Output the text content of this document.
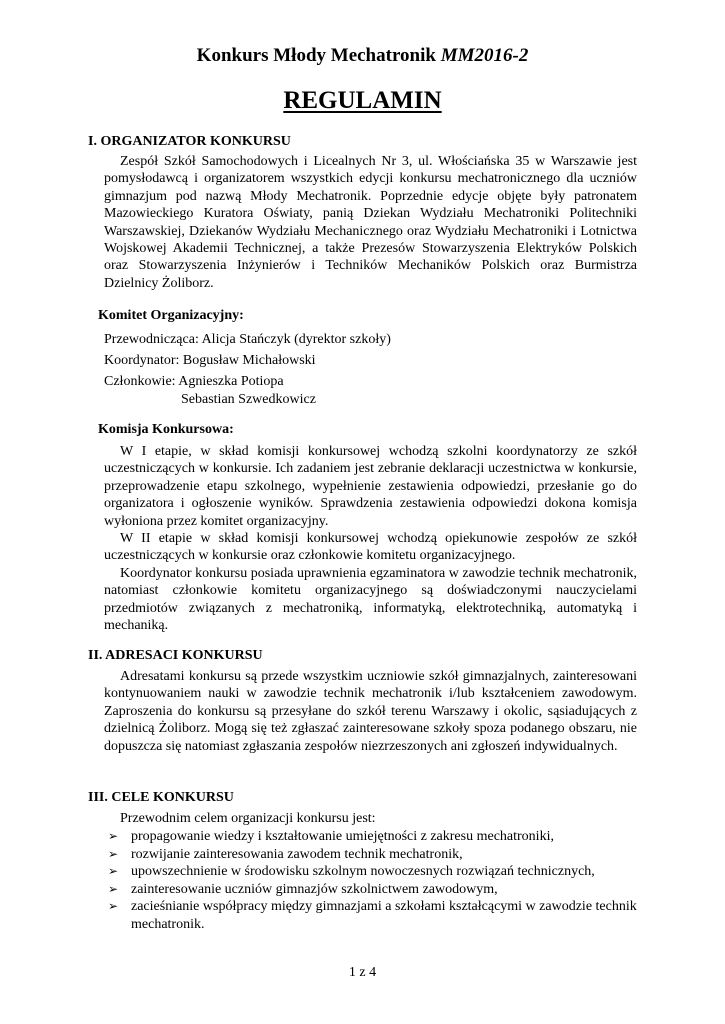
Konkurs Młody Mechatronik MM2016-2
REGULAMIN
I. ORGANIZATOR KONKURSU
Zespół Szkół Samochodowych i Licealnych Nr 3, ul. Włościańska 35 w Warszawie jest pomysłodawcą i organizatorem wszystkich edycji konkursu mechatronicznego dla uczniów gimnazjum pod nazwą Młody Mechatronik. Poprzednie edycje objęte były patronatem Mazowieckiego Kuratora Oświaty, panią Dziekan Wydziału Mechatroniki Politechniki Warszawskiej, Dziekanów Wydziału Mechanicznego oraz Wydziału Mechatroniki i Lotnictwa Wojskowej Akademii Technicznej, a także Prezesów Stowarzyszenia Elektryków Polskich oraz Stowarzyszenia Inżynierów i Techników Mechaników Polskich oraz Burmistrza Dzielnicy Żoliborz.
Komitet Organizacyjny:
Przewodnicząca: Alicja Stańczyk (dyrektor szkoły)
Koordynator: Bogusław Michałowski
Członkowie: Agnieszka Potiopa
Sebastian Szwedkowicz
Komisja Konkursowa:
W I etapie, w skład komisji konkursowej wchodzą szkolni koordynatorzy ze szkół uczestniczących w konkursie. Ich zadaniem jest zebranie deklaracji uczestnictwa w konkursie, przeprowadzenie etapu szkolnego, wypełnienie zestawienia odpowiedzi, przesłanie go do organizatora i ogłoszenie wyników. Sprawdzenia zestawienia odpowiedzi dokona komisja wyłoniona przez komitet organizacyjny.
W II etapie w skład komisji konkursowej wchodzą opiekunowie zespołów ze szkół uczestniczących w konkursie oraz członkowie komitetu organizacyjnego.
Koordynator konkursu posiada uprawnienia egzaminatora w zawodzie technik mechatronik, natomiast członkowie komitetu organizacyjnego są doświadczonymi nauczycielami przedmiotów związanych z mechatroniką, informatyką, elektrotechniką, automatyką i mechaniką.
II. ADRESACI KONKURSU
Adresatami konkursu są przede wszystkim uczniowie szkół gimnazjalnych, zainteresowani kontynuowaniem nauki w zawodzie technik mechatronik i/lub kształceniem zawodowym. Zaproszenia do konkursu są przesyłane do szkół terenu Warszawy i okolic, sąsiadujących z dzielnicą Żoliborz. Mogą się też zgłaszać zainteresowane szkoły spoza podanego obszaru, nie dopuszcza się natomiast zgłaszania zespołów niezrzeszonych ani zgłoszeń indywidualnych.
III. CELE KONKURSU
Przewodnim celem organizacji konkursu jest:
➢ propagowanie wiedzy i kształtowanie umiejętności z zakresu mechatroniki,
➢ rozwijanie zainteresowania zawodem technik mechatronik,
➢ upowszechnienie w środowisku szkolnym nowoczesnych rozwiązań technicznych,
➢ zainteresowanie uczniów gimnazjów szkolnictwem zawodowym,
➢ zacieśnianie współpracy między gimnazjami a szkołami kształcącymi w zawodzie technik mechatronik.
1 z 4
